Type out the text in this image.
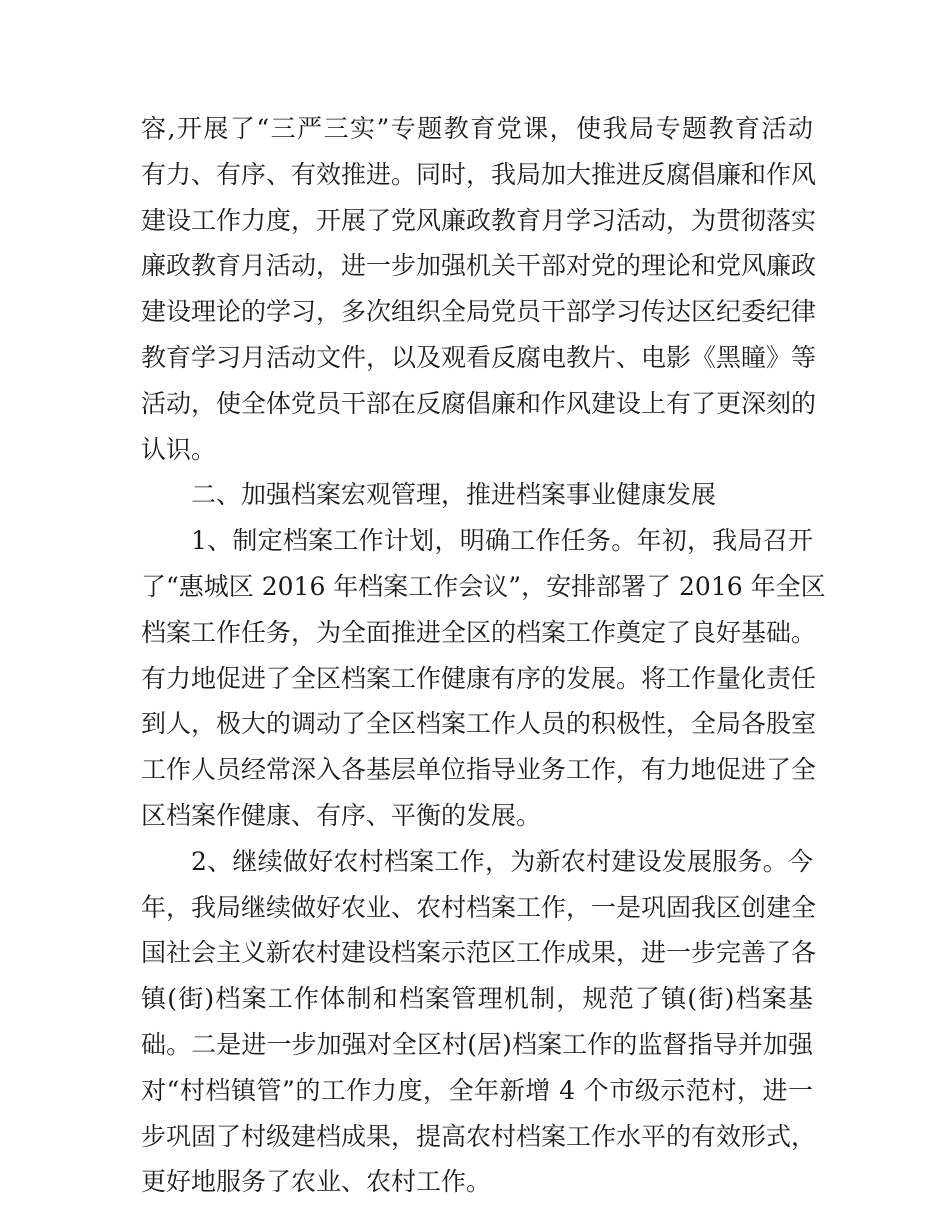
容,开展了“三严三实”专题教育党课，使我局专题教育活动
有力、有序、有效推进。同时，我局加大推进反腐倡廉和作风
建设工作力度，开展了党风廉政教育月学习活动，为贯彻落实
廉政教育月活动，进一步加强机关干部对党的理论和党风廉政
建设理论的学习，多次组织全局党员干部学习传达区纪委纪律
教育学习月活动文件，以及观看反腐电教片、电影《黑瞳》等
活动，使全体党员干部在反腐倡廉和作风建设上有了更深刻的
认识。
二、加强档案宏观管理，推进档案事业健康发展
1、制定档案工作计划，明确工作任务。年初，我局召开
了“惠城区 2016 年档案工作会议”，安排部署了 2016 年全区
档案工作任务，为全面推进全区的档案工作奠定了良好基础。
有力地促进了全区档案工作健康有序的发展。将工作量化责任
到人，极大的调动了全区档案工作人员的积极性，全局各股室
工作人员经常深入各基层单位指导业务工作，有力地促进了全
区档案作健康、有序、平衡的发展。
2、继续做好农村档案工作，为新农村建设发展服务。今
年，我局继续做好农业、农村档案工作，一是巩固我区创建全
国社会主义新农村建设档案示范区工作成果，进一步完善了各
镇(街)档案工作体制和档案管理机制，规范了镇(街)档案基
础。二是进一步加强对全区村(居)档案工作的监督指导并加强
对“村档镇管”的工作力度，全年新增 4 个市级示范村，进一
步巩固了村级建档成果，提高农村档案工作水平的有效形式，
更好地服务了农业、农村工作。
